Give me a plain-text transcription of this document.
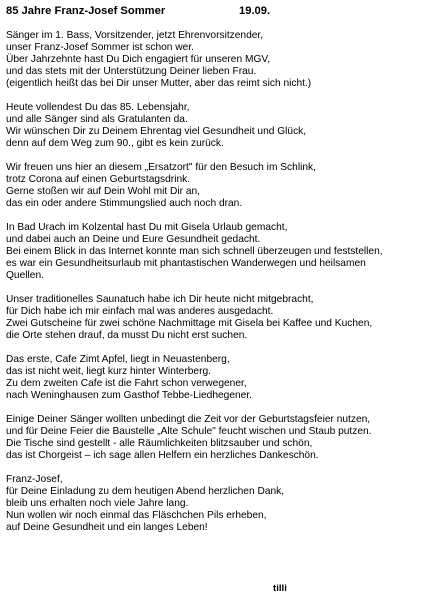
85 Jahre Franz-Josef Sommer	19.09.
Sänger im 1. Bass, Vorsitzender, jetzt Ehrenvorsitzender,
unser Franz-Josef Sommer ist schon wer.
Über Jahrzehnte hast Du Dich engagiert für unseren MGV,
und das stets mit der Unterstützung Deiner lieben Frau.
(eigentlich heißt das bei Dir unser Mutter, aber das reimt sich nicht.)
Heute vollendest Du das 85. Lebensjahr,
und alle Sänger sind als Gratulanten da.
Wir wünschen Dir zu Deinem Ehrentag viel Gesundheit und Glück,
denn auf dem Weg zum 90., gibt es kein zurück.
Wir freuen uns hier an diesem „Ersatzort" für den Besuch im Schlink,
trotz Corona auf einen Geburtstagsdrink.
Gerne stoßen wir auf Dein Wohl mit Dir an,
das ein oder andere Stimmungslied auch noch dran.
In Bad Urach im Kolzental hast Du mit Gisela Urlaub gemacht,
und dabei auch an Deine und Eure Gesundheit gedacht.
Bei einem Blick in das Internet konnte man sich schnell überzeugen und feststellen,
es war ein Gesundheitsurlaub mit phantastischen Wanderwegen und heilsamen
Quellen.
Unser traditionelles Saunatuch habe ich Dir heute nicht mitgebracht,
für Dich habe ich mir einfach mal was anderes ausgedacht.
Zwei Gutscheine für zwei schöne Nachmittage mit Gisela bei Kaffee und Kuchen,
die Orte stehen drauf, da musst Du nicht erst suchen.
Das erste, Cafe Zimt Apfel, liegt in Neuastenberg,
das ist nicht weit, liegt kurz hinter Winterberg.
Zu dem zweiten Cafe ist die Fahrt schon verwegener,
nach Weninghausen zum Gasthof Tebbe-Liedhegener.
Einige Deiner Sänger wollten unbedingt die Zeit vor der Geburtstagsfeier nutzen,
und für Deine Feier die Baustelle „Alte Schule" feucht wischen und Staub putzen.
Die Tische sind gestellt - alle Räumlichkeiten blitzsauber und schön,
das ist Chorgeist – ich sage allen Helfern ein herzliches Dankeschön.
Franz-Josef,
für Deine Einladung zu dem heutigen Abend herzlichen Dank,
bleib uns erhalten noch viele Jahre lang.
Nun wollen wir noch einmal das Fläschchen Pils erheben,
auf Deine Gesundheit und ein langes Leben!
tilli
